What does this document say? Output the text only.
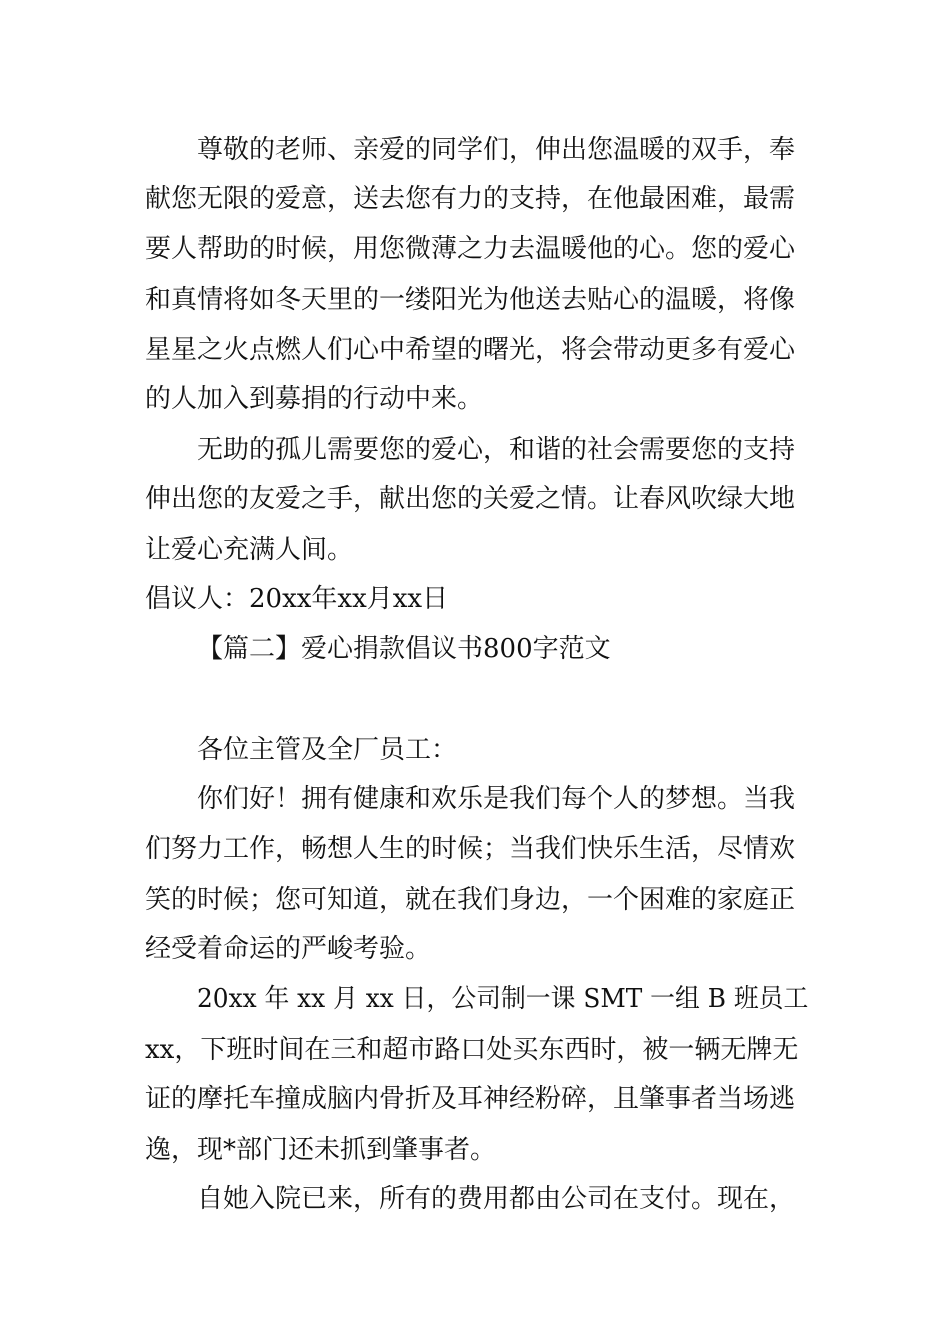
尊敬的老师、亲爱的同学们，伸出您温暖的双手，奉
献您无限的爱意，送去您有力的支持，在他最困难，最需
要人帮助的时候，用您微薄之力去温暖他的心。您的爱心
和真情将如冬天里的一缕阳光为他送去贴心的温暖，将像
星星之火点燃人们心中希望的曙光，将会带动更多有爱心
的人加入到募捐的行动中来。
无助的孤儿需要您的爱心，和谐的社会需要您的支持
伸出您的友爱之手，献出您的关爱之情。让春风吹绿大地
让爱心充满人间。
倡议人：20xx年xx月xx日
【篇二】爱心捐款倡议书800字范文
各位主管及全厂员工：
你们好！拥有健康和欢乐是我们每个人的梦想。当我
们努力工作，畅想人生的时候；当我们快乐生活，尽情欢
笑的时候；您可知道，就在我们身边，一个困难的家庭正
经受着命运的严峻考验。
20xx 年 xx 月 xx 日，公司制一课 SMT 一组 B 班员工
xx，下班时间在三和超市路口处买东西时，被一辆无牌无
证的摩托车撞成脑内骨折及耳神经粉碎，且肇事者当场逃
逸，现*部门还未抓到肇事者。
自她入院已来，所有的费用都由公司在支付。现在，
